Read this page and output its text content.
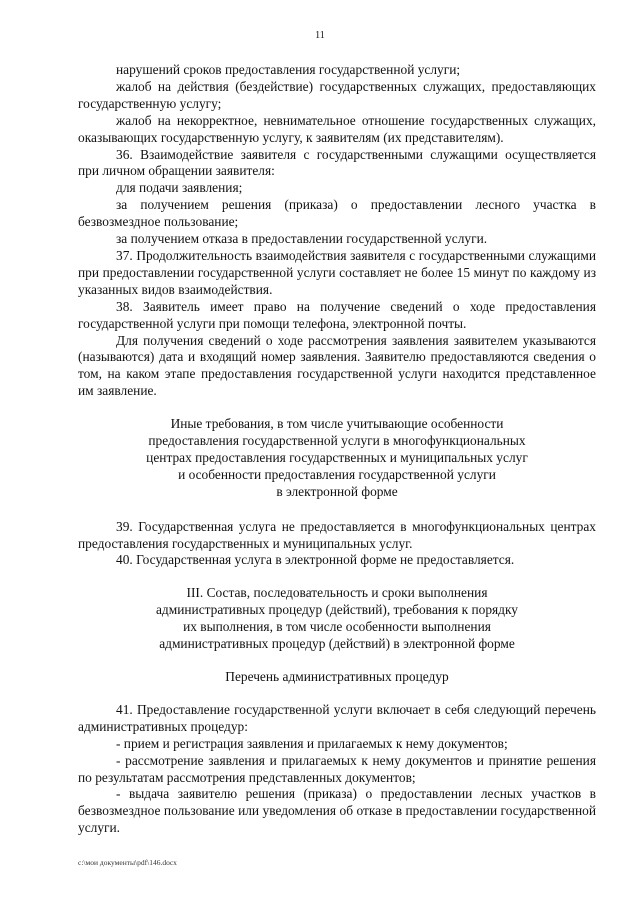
11

нарушений сроков предоставления государственной услуги;

жалоб на действия (бездействие) государственных служащих, предоставляющих государственную услугу;

жалоб на некорректное, невнимательное отношение государственных служащих, оказывающих государственную услугу, к заявителям (их представителям).

36. Взаимодействие заявителя с государственными служащими осуществляется при личном обращении заявителя:

для подачи заявления;

за получением решения (приказа) о предоставлении лесного участка в безвозмездное пользование;

за получением отказа в предоставлении государственной услуги.

37. Продолжительность взаимодействия заявителя с государственными служащими при предоставлении государственной услуги составляет не более 15 минут по каждому из указанных видов взаимодействия.

38. Заявитель имеет право на получение сведений о ходе предоставления государственной услуги при помощи телефона, электронной почты.

Для получения сведений о ходе рассмотрения заявления заявителем указываются (называются) дата и входящий номер заявления. Заявителю предоставляются сведения о том, на каком этапе предоставления государственной услуги находится представленное им заявление.

Иные требования, в том числе учитывающие особенности

предоставления государственной услуги в многофункциональных

центрах предоставления государственных и муниципальных услуг

и особенности предоставления государственной услуги

в электронной форме

39. Государственная услуга не предоставляется в многофункциональных центрах предоставления государственных и муниципальных услуг.

40. Государственная услуга в электронной форме не предоставляется.

III. Состав, последовательность и сроки выполнения

административных процедур (действий), требования к порядку

их выполнения, в том числе особенности выполнения

административных процедур (действий) в электронной форме

Перечень административных процедур

41. Предоставление государственной услуги включает в себя следующий перечень административных процедур:

- прием и регистрация заявления и прилагаемых к нему документов;

- рассмотрение заявления и прилагаемых к нему документов и принятие решения по результатам рассмотрения представленных документов;

- выдача заявителю решения (приказа) о предоставлении лесных участков в безвозмездное пользование или уведомления об отказе в предоставлении государственной услуги.

c:\мои документы\pdf\146.docx
